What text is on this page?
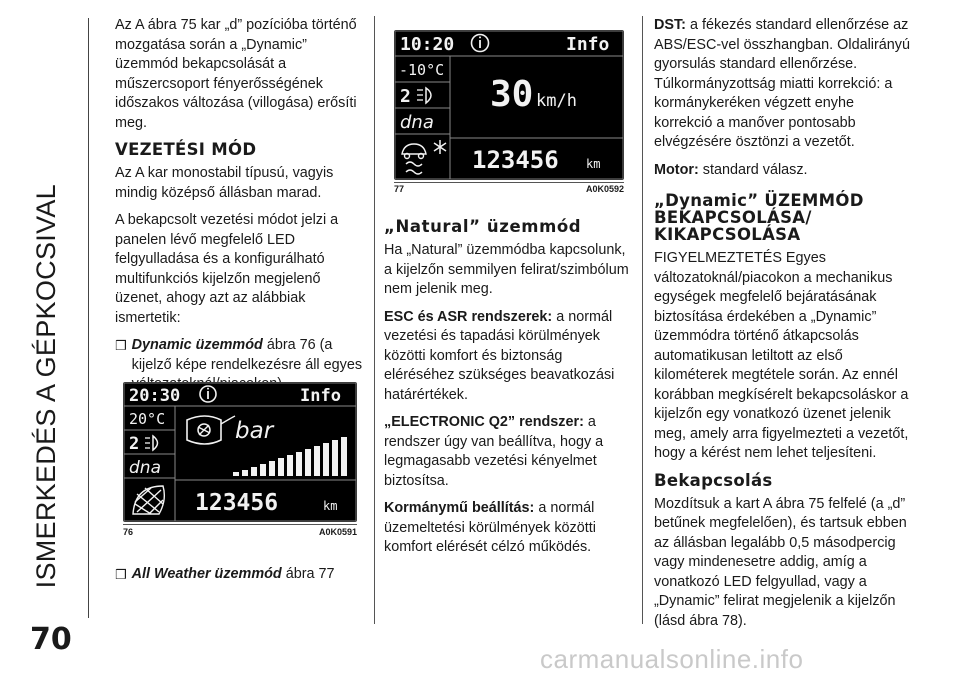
ISMERKEDÉS A GÉPKOCSIVAL
70

Az A ábra 75 kar „d” pozícióba történő mozgatása során a „Dynamic” üzemmód bekapcsolását a műszercsoport fényerősségének időszakos változása (villogása) erősíti meg.

VEZETÉSI MÓD

Az A kar monostabil típusú, vagyis mindig középső állásban marad.

A bekapcsolt vezetési módot jelzi a panelen lévő megfelelő LED felgyulladása és a konfigurálható multifunkciós kijelzőn megjelenő üzenet, ahogy azt az alábbiak ismertetik:

❒ Dynamic üzemmód ábra 76 (a kijelző képe rendelkezésre áll egyes
20:30	Info
20°C
2
dna
bar
123456	km
76	A0K0591
❒ All Weather üzemmód ábra 77
10:20	Info
-10°C
2
dna
30 km/h
123456 km
77	A0K0592
„Natural” üzemmód

Ha „Natural” üzemmódba kapcsolunk, a kijelzőn semmilyen felirat/szimbólum nem jelenik meg.

ESC és ASR rendszerek: a normál vezetési és tapadási körülmények közötti komfort és biztonság eléréséhez szükséges beavatkozási határértékek.

„ELECTRONIC Q2” rendszer: a rendszer úgy van beállítva, hogy a legmagasabb vezetési kényelmet biztosítsa.

Kormánymű beállítás: a normál üzemeltetési körülmények közötti komfort elérését célzó működés.

DST: a fékezés standard ellenőrzése az ABS/ESC-vel összhangban. Oldalirányú gyorsulás standard ellenőrzése. Túlkormányzottság miatti korrekció: a kormánykeréken végzett enyhe korrekció a manőver pontosabb elvégzésére ösztönzi a vezetőt.

Motor: standard válasz.

„Dynamic” ÜZEMMÓD BEKAPCSOLÁSA/ KIKAPCSOLÁSA

FIGYELMEZTETÉS Egyes változatoknál/piacokon a mechanikus egységek megfelelő bejáratásának biztosítása érdekében a „Dynamic” üzemmódra történő átkapcsolás automatikusan letiltott az első kilométerek megtétele során. Az ennél korábban megkísérelt bekapcsoláskor a kijelzőn egy vonatkozó üzenet jelenik meg, amely arra figyelmezteti a vezetőt, hogy a kérést nem lehet teljesíteni.

Bekapcsolás

Mozdítsuk a kart A ábra 75 felfelé (a „d” betűnek megfelelően), és tartsuk ebben az állásban legalább 0,5 másodpercig vagy mindenesetre addig, amíg a vonatkozó LED felgyullad, vagy a „Dynamic” felirat megjelenik a kijelzőn (lásd ábra 78).

carmanualsonline.info
